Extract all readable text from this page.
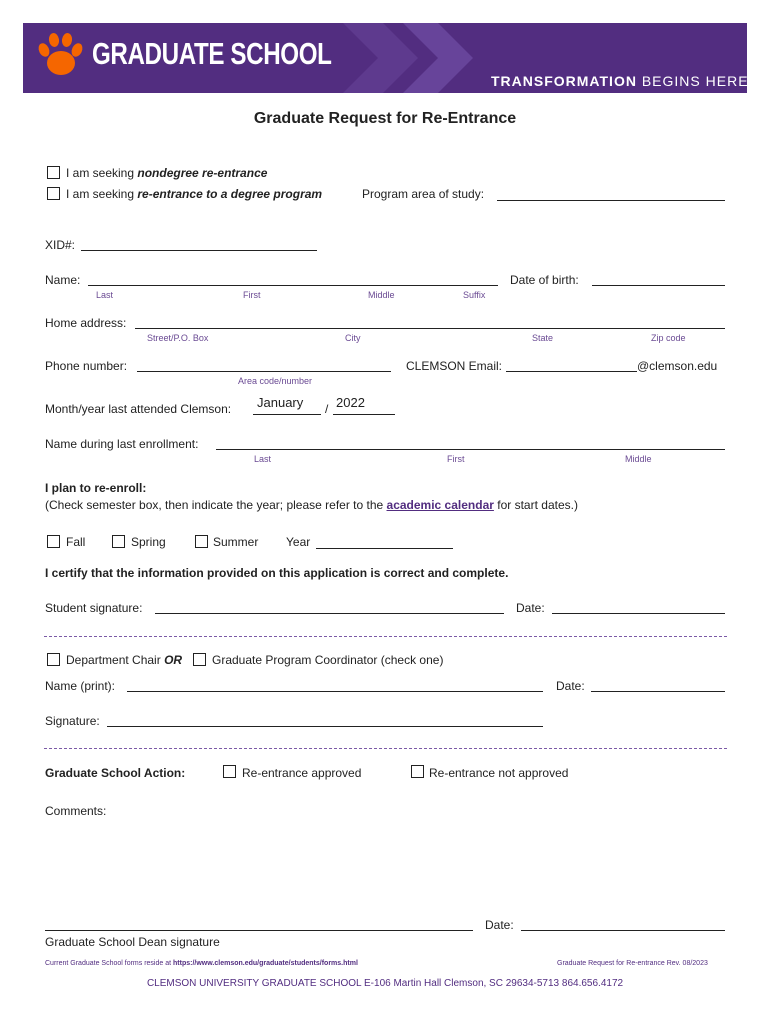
GRADUATE SCHOOL
TRANSFORMATION BEGINS HERE
Graduate Request for Re-Entrance
I am seeking nondegree re-entrance
I am seeking re-entrance to a degree program	Program area of study:
XID#:
Name:
Last	First	Middle	Suffix
Date of birth:
Home address:
Street/P.O. Box	City	State	Zip code
Phone number:
Area code/number
CLEMSON Email:	@clemson.edu
Month/year last attended Clemson: January / 2022
Name during last enrollment:
Last	First	Middle
I plan to re-enroll:
(Check semester box, then indicate the year; please refer to the academic calendar for start dates.)
Fall	Spring	Summer Year
I certify that the information provided on this application is correct and complete.
Student signature:	Date:
Department Chair OR Graduate Program Coordinator (check one)
Name (print):	Date:
Signature:
Graduate School Action:	Re-entrance approved	Re-entrance not approved
Comments:
Date:
Graduate School Dean signature
Current Graduate School forms reside at https://www.clemson.edu/graduate/students/forms.html	Graduate Request for Re-entrance Rev. 08/2023
CLEMSON UNIVERSITY GRADUATE SCHOOL E-106 Martin Hall Clemson, SC 29634-5713 864.656.4172
